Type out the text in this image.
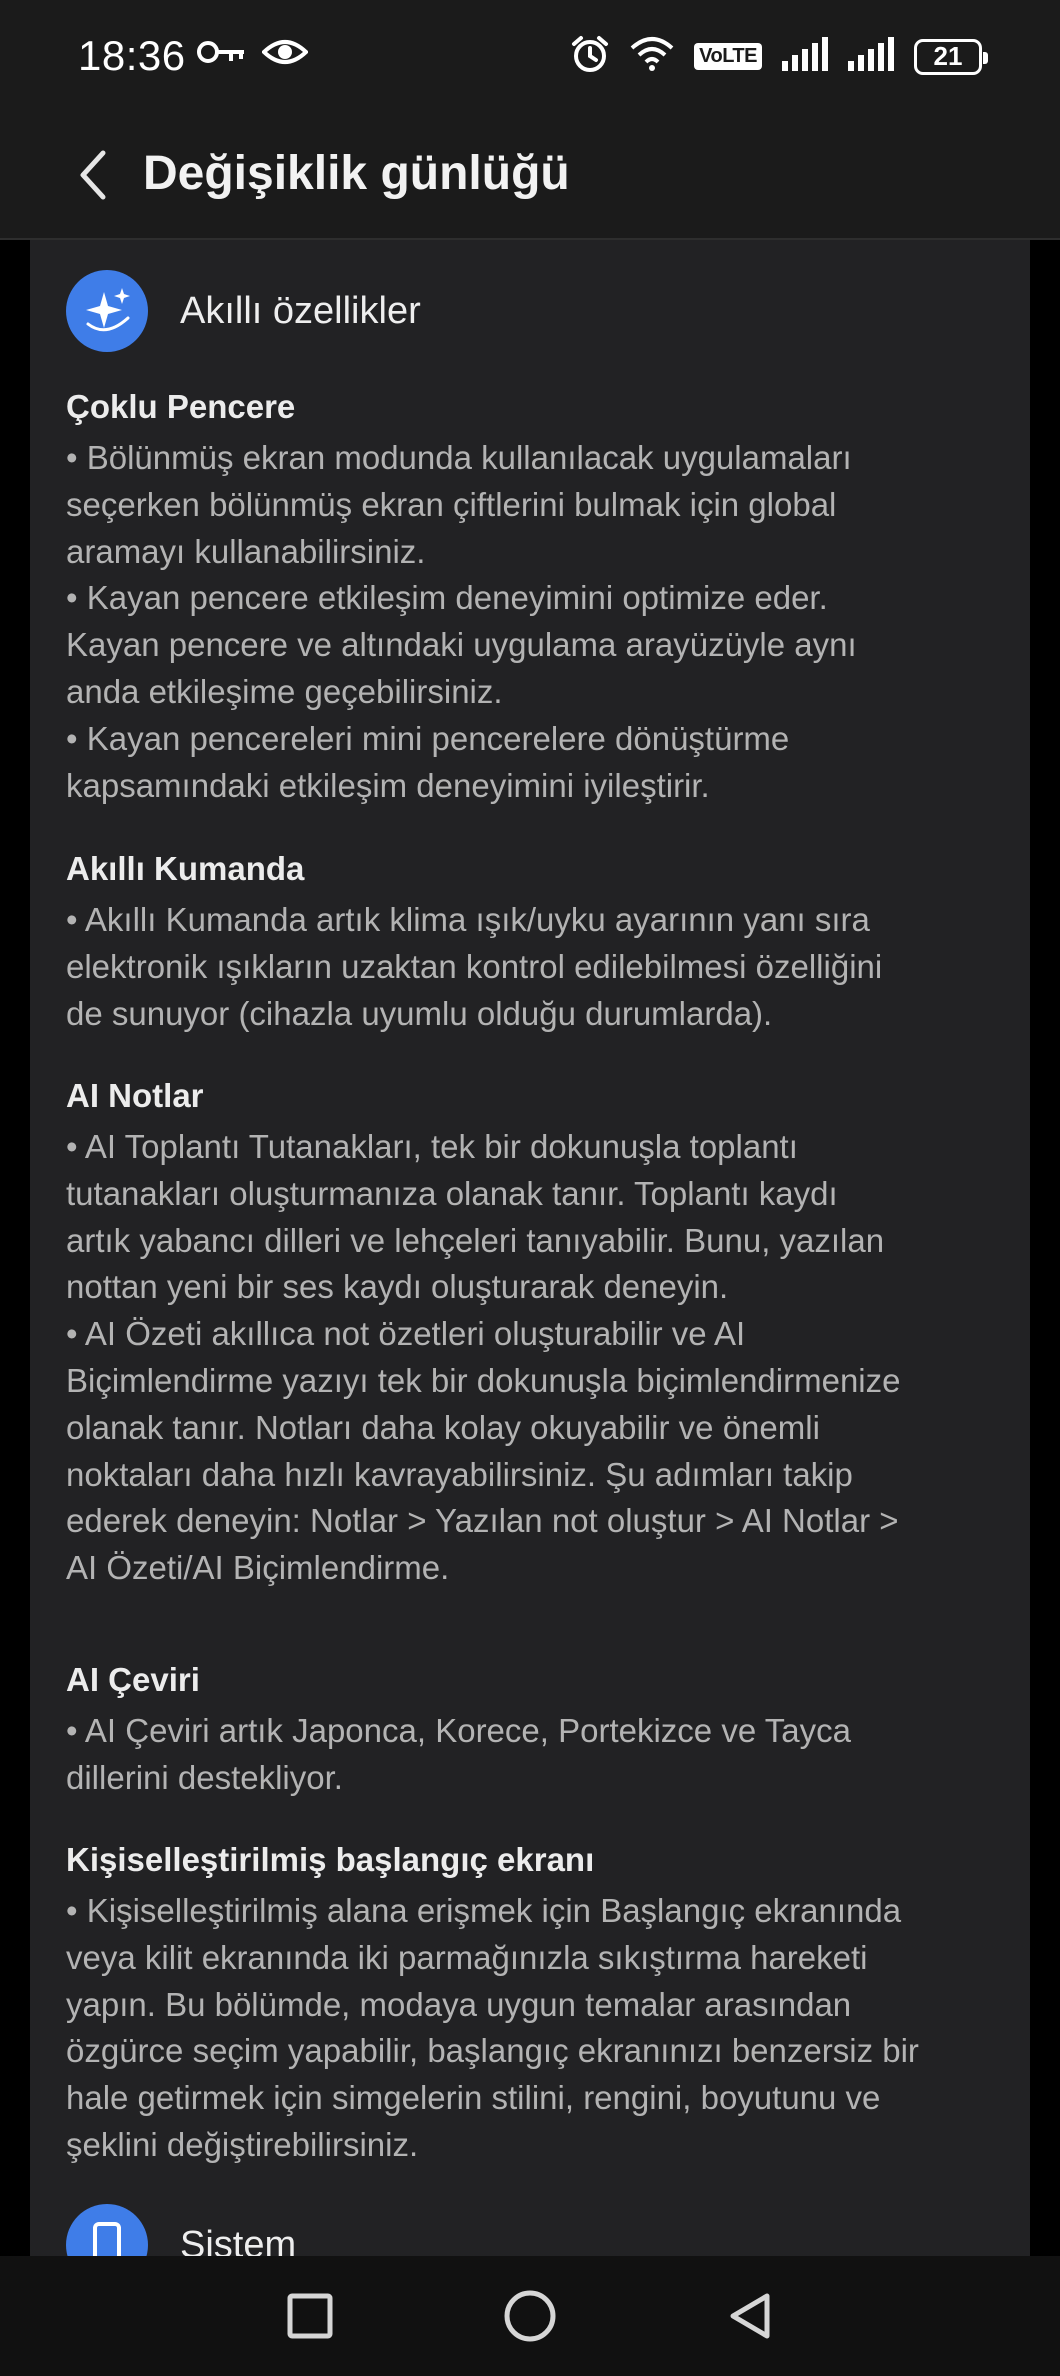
18:36	VoLTE	21
Değişiklik günlüğü
Akıllı özellikler
Çoklu Pencere
• Bölünmüş ekran modunda kullanılacak uygulamaları
seçerken bölünmüş ekran çiftlerini bulmak için global
aramayı kullanabilirsiniz.
• Kayan pencere etkileşim deneyimini optimize eder.
Kayan pencere ve altındaki uygulama arayüzüyle aynı
anda etkileşime geçebilirsiniz.
• Kayan pencereleri mini pencerelere dönüştürme
kapsamındaki etkileşim deneyimini iyileştirir.
Akıllı Kumanda
• Akıllı Kumanda artık klima ışık/uyku ayarının yanı sıra
elektronik ışıkların uzaktan kontrol edilebilmesi özelliğini
de sunuyor (cihazla uyumlu olduğu durumlarda).
AI Notlar
• AI Toplantı Tutanakları, tek bir dokunuşla toplantı
tutanakları oluşturmanıza olanak tanır. Toplantı kaydı
artık yabancı dilleri ve lehçeleri tanıyabilir. Bunu, yazılan
nottan yeni bir ses kaydı oluşturarak deneyin.
• AI Özeti akıllıca not özetleri oluşturabilir ve AI
Biçimlendirme yazıyı tek bir dokunuşla biçimlendirmenize
olanak tanır. Notları daha kolay okuyabilir ve önemli
noktaları daha hızlı kavrayabilirsiniz. Şu adımları takip
ederek deneyin: Notlar > Yazılan not oluştur > AI Notlar >
AI Özeti/AI Biçimlendirme.
AI Çeviri
• AI Çeviri artık Japonca, Korece, Portekizce ve Tayca
dillerini destekliyor.
Kişiselleştirilmiş başlangıç ekranı
• Kişiselleştirilmiş alana erişmek için Başlangıç ekranında
veya kilit ekranında iki parmağınızla sıkıştırma hareketi
yapın. Bu bölümde, modaya uygun temalar arasından
özgürce seçim yapabilir, başlangıç ekranınızı benzersiz bir
hale getirmek için simgelerin stilini, rengini, boyutunu ve
şeklini değiştirebilirsiniz.
Sistem
